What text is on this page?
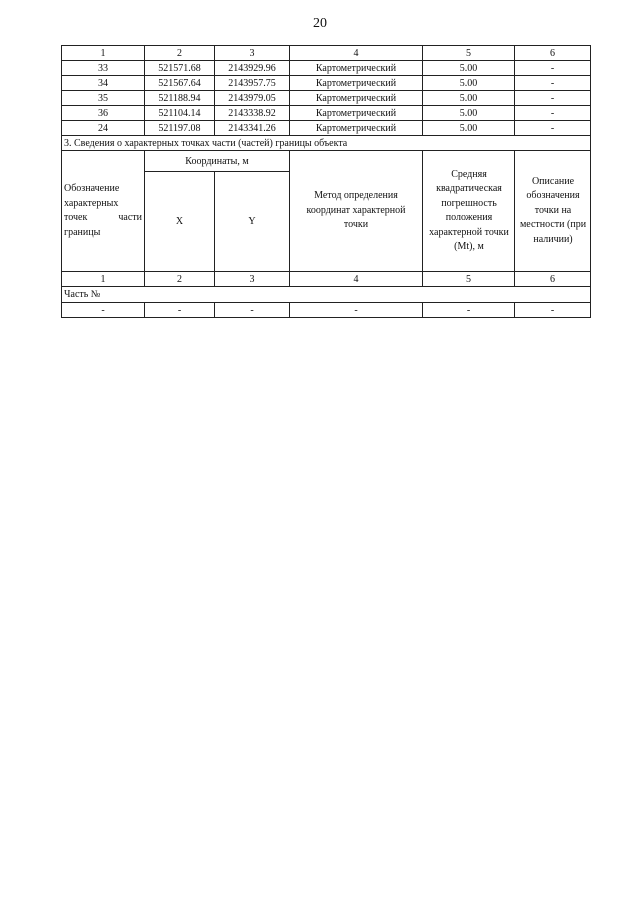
20
1	2	3	4	5	6
33	521571.68	2143929.96	Картометрический	5.00	-
34	521567.64	2143957.75	Картометрический	5.00	-
35	521188.94	2143979.05	Картометрический	5.00	-
36	521104.14	2143338.92	Картометрический	5.00	-
24	521197.08	2143341.26	Картометрический	5.00	-
3. Сведения о характерных точках части (частей) границы объекта					

Обозначение
характерных
точек части
границы	Координаты, м		Метод определения координат характерной точки	Средняя квадратическая погрешность положения характерной точки (Mt), м	Описание обозначения точки на местности (при наличии)

	X	Y			
1	2	3	4	5	6
Часть №					
-	-	-	-	-	-
